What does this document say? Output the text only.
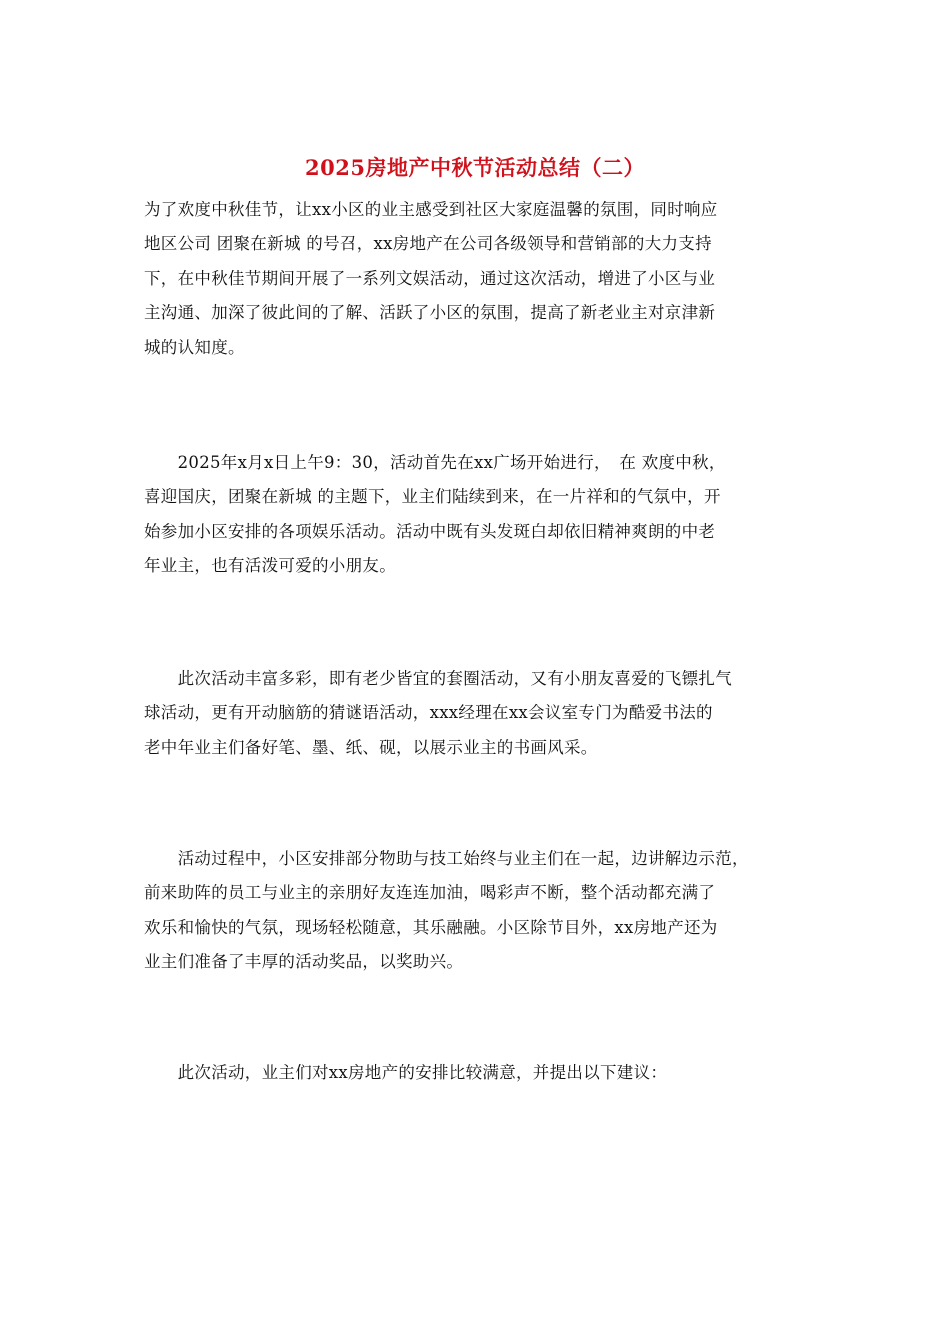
2025房地产中秋节活动总结（二）

为了欢度中秋佳节，让xx小区的业主感受到社区大家庭温馨的氛围，同时响应
地区公司 团聚在新城 的号召，xx房地产在公司各级领导和营销部的大力支持
下，在中秋佳节期间开展了一系列文娱活动，通过这次活动，增进了小区与业
主沟通、加深了彼此间的了解、活跃了小区的氛围，提高了新老业主对京津新
城的认知度。

　　2025年x月x日上午9：30，活动首先在xx广场开始进行，　在 欢度中秋，
喜迎国庆，团聚在新城 的主题下，业主们陆续到来，在一片祥和的气氛中，开
始参加小区安排的各项娱乐活动。活动中既有头发斑白却依旧精神爽朗的中老
年业主，也有活泼可爱的小朋友。

　　此次活动丰富多彩，即有老少皆宜的套圈活动，又有小朋友喜爱的飞镖扎气
球活动，更有开动脑筋的猜谜语活动，xxx经理在xx会议室专门为酷爱书法的
老中年业主们备好笔、墨、纸、砚，以展示业主的书画风采。

　　活动过程中，小区安排部分物助与技工始终与业主们在一起，边讲解边示范，
前来助阵的员工与业主的亲朋好友连连加油，喝彩声不断，整个活动都充满了
欢乐和愉快的气氛，现场轻松随意，其乐融融。小区除节目外，xx房地产还为
业主们准备了丰厚的活动奖品，以奖助兴。

　　此次活动，业主们对xx房地产的安排比较满意，并提出以下建议：
